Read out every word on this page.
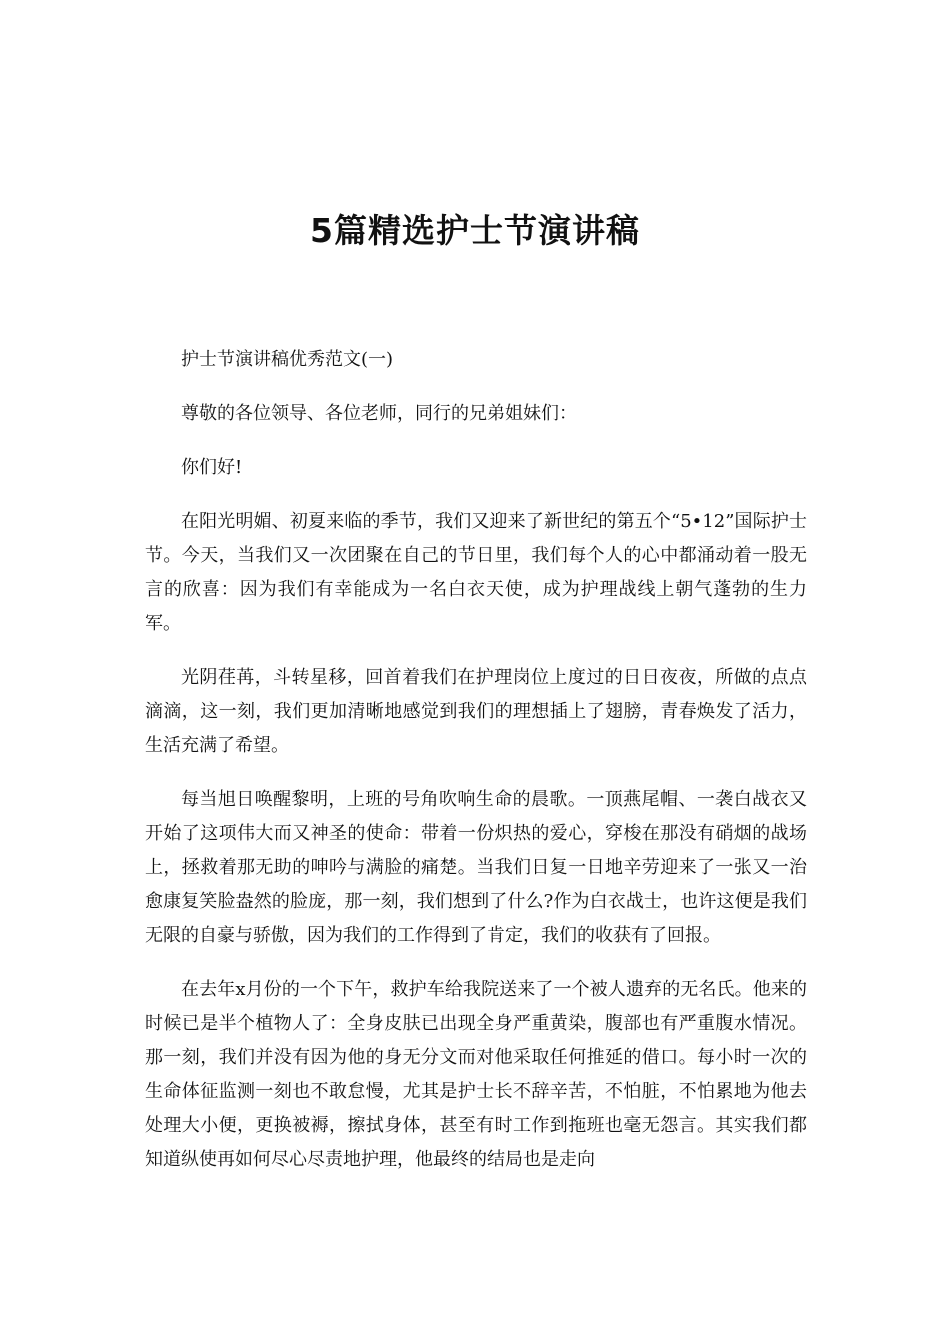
5篇精选护士节演讲稿

护士节演讲稿优秀范文(一)

尊敬的各位领导、各位老师，同行的兄弟姐妹们：

你们好!

在阳光明媚、初夏来临的季节，我们又迎来了新世纪的第五个“5•12”国际护士节。今天，当我们又一次团聚在自己的节日里，我们每个人的心中都涌动着一股无言的欣喜：因为我们有幸能成为一名白衣天使，成为护理战线上朝气蓬勃的生力军。

光阴荏苒，斗转星移，回首着我们在护理岗位上度过的日日夜夜，所做的点点滴滴，这一刻，我们更加清晰地感觉到我们的理想插上了翅膀，青春焕发了活力，生活充满了希望。

每当旭日唤醒黎明，上班的号角吹响生命的晨歌。一顶燕尾帽、一袭白战衣又开始了这项伟大而又神圣的使命：带着一份炽热的爱心，穿梭在那没有硝烟的战场上，拯救着那无助的呻吟与满脸的痛楚。当我们日复一日地辛劳迎来了一张又一治愈康复笑脸盎然的脸庞，那一刻，我们想到了什么?作为白衣战士，也许这便是我们无限的自豪与骄傲，因为我们的工作得到了肯定，我们的收获有了回报。

在去年x月份的一个下午，救护车给我院送来了一个被人遗弃的无名氏。他来的时候已是半个植物人了：全身皮肤已出现全身严重黄染，腹部也有严重腹水情况。那一刻，我们并没有因为他的身无分文而对他采取任何推延的借口。每小时一次的生命体征监测一刻也不敢怠慢，尤其是护士长不辞辛苦，不怕脏，不怕累地为他去处理大小便，更换被褥，擦拭身体，甚至有时工作到拖班也毫无怨言。其实我们都知道纵使再如何尽心尽责地护理，他最终的结局也是走向
